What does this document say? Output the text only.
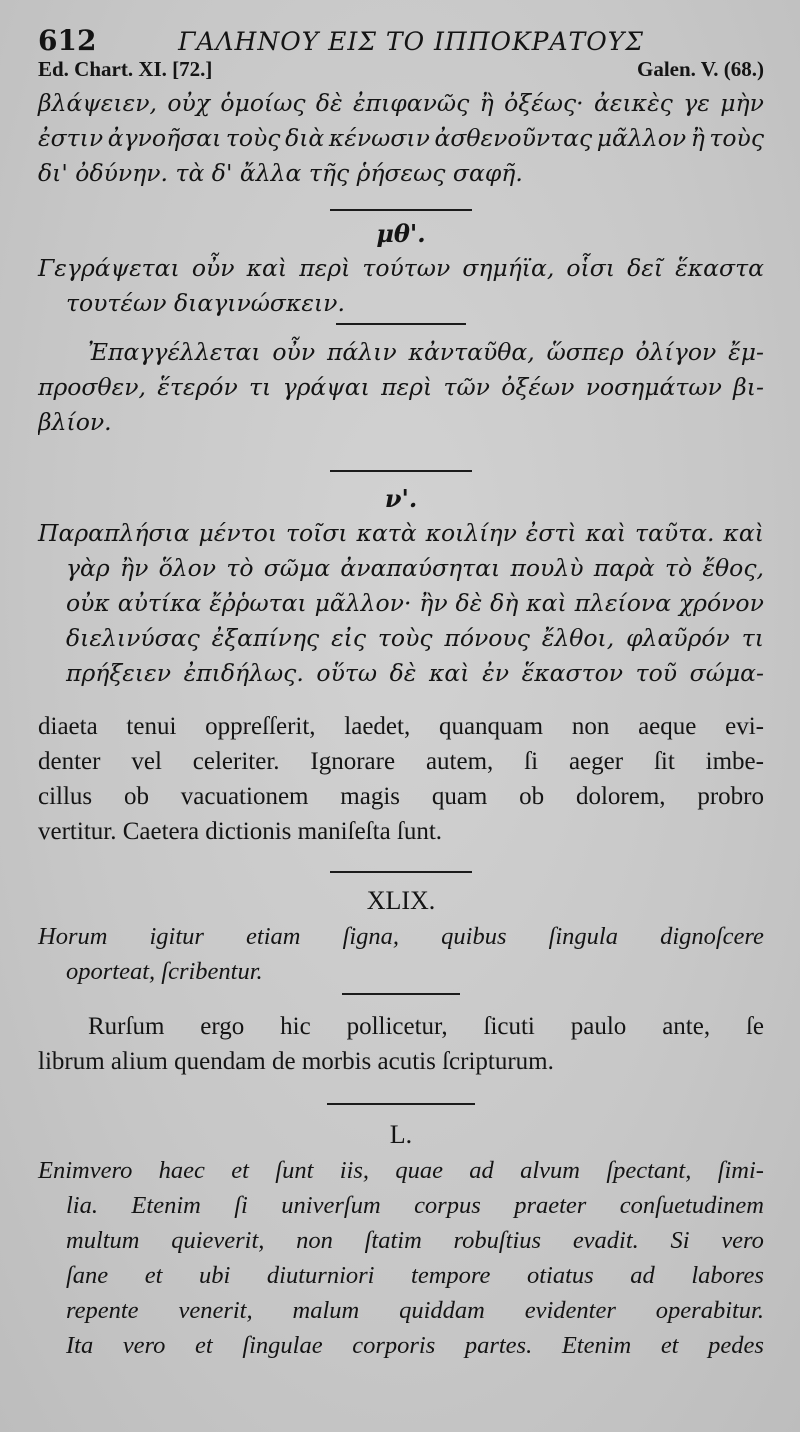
612	ΓΑΛΗΝΟΥ ΕΙΣ ΤΟ ΙΠΠΟΚΡΑΤΟΥΣ
Ed. Chart. XI. [72.]	Galen. V. (68.)
βλάψειεν, οὐχ ὁμοίως δὲ ἐπιφανῶς ἢ ὀξέως· ἀεικὲς γε μὴν
ἐστιν ἀγνοῆσαι τοὺς διὰ κένωσιν ἀσθενοῦντας μᾶλλον ἢ τοὺς
δι' ὀδύνην. τὰ δ' ἄλλα τῆς ῥήσεως σαφῆ.
μθ'.
Γεγράψεται οὖν καὶ περὶ τούτων σημήϊα, οἷσι δεῖ ἕκαστα
τουτέων διαγινώσκειν.
Ἐπαγγέλλεται οὖν πάλιν κἀνταῦθα, ὥσπερ ὀλίγον ἔμ-
προσθεν, ἕτερόν τι γράψαι περὶ τῶν ὀξέων νοσημάτων βι-
βλίον.
ν'.
Παραπλήσια μέντοι τοῖσι κατὰ κοιλίην ἐστὶ καὶ ταῦτα. καὶ
γὰρ ἢν ὅλον τὸ σῶμα ἀναπαύσηται πουλὺ παρὰ τὸ ἔθος,
οὐκ αὐτίκα ἔῤῥωται μᾶλλον· ἢν δὲ δὴ καὶ πλείονα χρόνον
διελινύσας ἐξαπίνης εἰς τοὺς πόνους ἔλθοι, φλαῦρόν τι
πρήξειεν ἐπιδήλως. οὕτω δὲ καὶ ἐν ἕκαστον τοῦ σώμα-
diaeta tenui oppreſſerit, laedet, quanquam non aeque evi-
denter vel celeriter. Ignorare autem, ſi aeger ſit imbe-
cillus ob vacuationem magis quam ob dolorem, probro
vertitur. Caetera dictionis maniſeſta ſunt.
XLIX.
Horum igitur etiam ſigna, quibus ſingula dignoſcere
oporteat, ſcribentur.
Rurſum ergo hic pollicetur, ſicuti paulo ante, ſe
librum alium quendam de morbis acutis ſcripturum.
L.
Enimvero haec et ſunt iis, quae ad alvum ſpectant, ſimi-
lia. Etenim ſi univerſum corpus praeter conſuetudinem
multum quieverit, non ſtatim robuſtius evadit. Si vero
ſane et ubi diuturniori tempore otiatus ad labores
repente venerit, malum quiddam evidenter operabitur.
Ita vero et ſingulae corporis partes. Etenim et pedes
